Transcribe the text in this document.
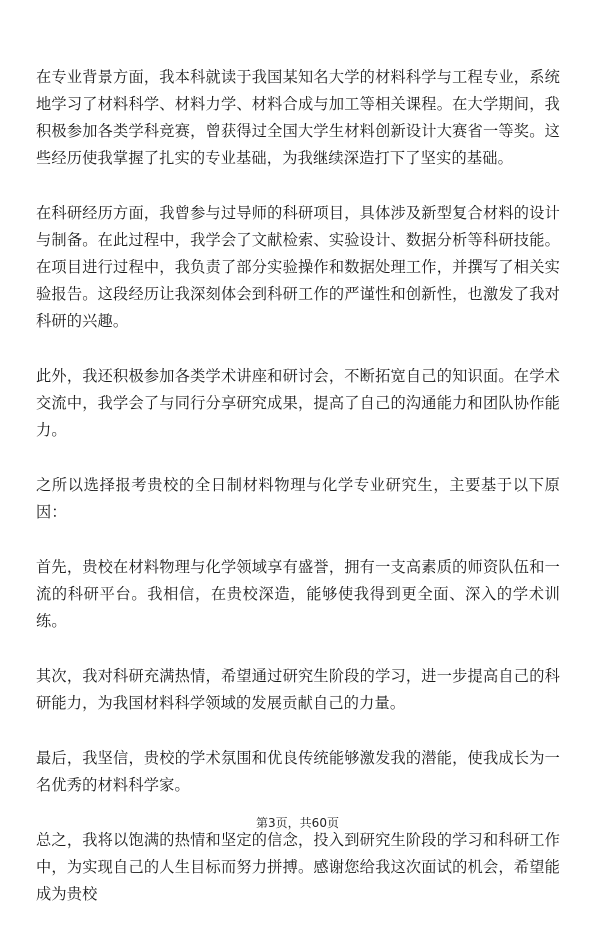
在专业背景方面，我本科就读于我国某知名大学的材料科学与工程专业，系统地学习了材料科学、材料力学、材料合成与加工等相关课程。在大学期间，我积极参加各类学科竞赛，曾获得过全国大学生材料创新设计大赛省一等奖。这些经历使我掌握了扎实的专业基础，为我继续深造打下了坚实的基础。

在科研经历方面，我曾参与过导师的科研项目，具体涉及新型复合材料的设计与制备。在此过程中，我学会了文献检索、实验设计、数据分析等科研技能。在项目进行过程中，我负责了部分实验操作和数据处理工作，并撰写了相关实验报告。这段经历让我深刻体会到科研工作的严谨性和创新性，也激发了我对科研的兴趣。

此外，我还积极参加各类学术讲座和研讨会，不断拓宽自己的知识面。在学术交流中，我学会了与同行分享研究成果，提高了自己的沟通能力和团队协作能力。

之所以选择报考贵校的全日制材料物理与化学专业研究生，主要基于以下原因：

首先，贵校在材料物理与化学领域享有盛誉，拥有一支高素质的师资队伍和一流的科研平台。我相信，在贵校深造，能够使我得到更全面、深入的学术训练。

其次，我对科研充满热情，希望通过研究生阶段的学习，进一步提高自己的科研能力，为我国材料科学领域的发展贡献自己的力量。

最后，我坚信，贵校的学术氛围和优良传统能够激发我的潜能，使我成长为一名优秀的材料科学家。

总之，我将以饱满的热情和坚定的信念，投入到研究生阶段的学习和科研工作中，为实现自己的人生目标而努力拼搏。感谢您给我这次面试的机会，希望能成为贵校

第3页，共60页
